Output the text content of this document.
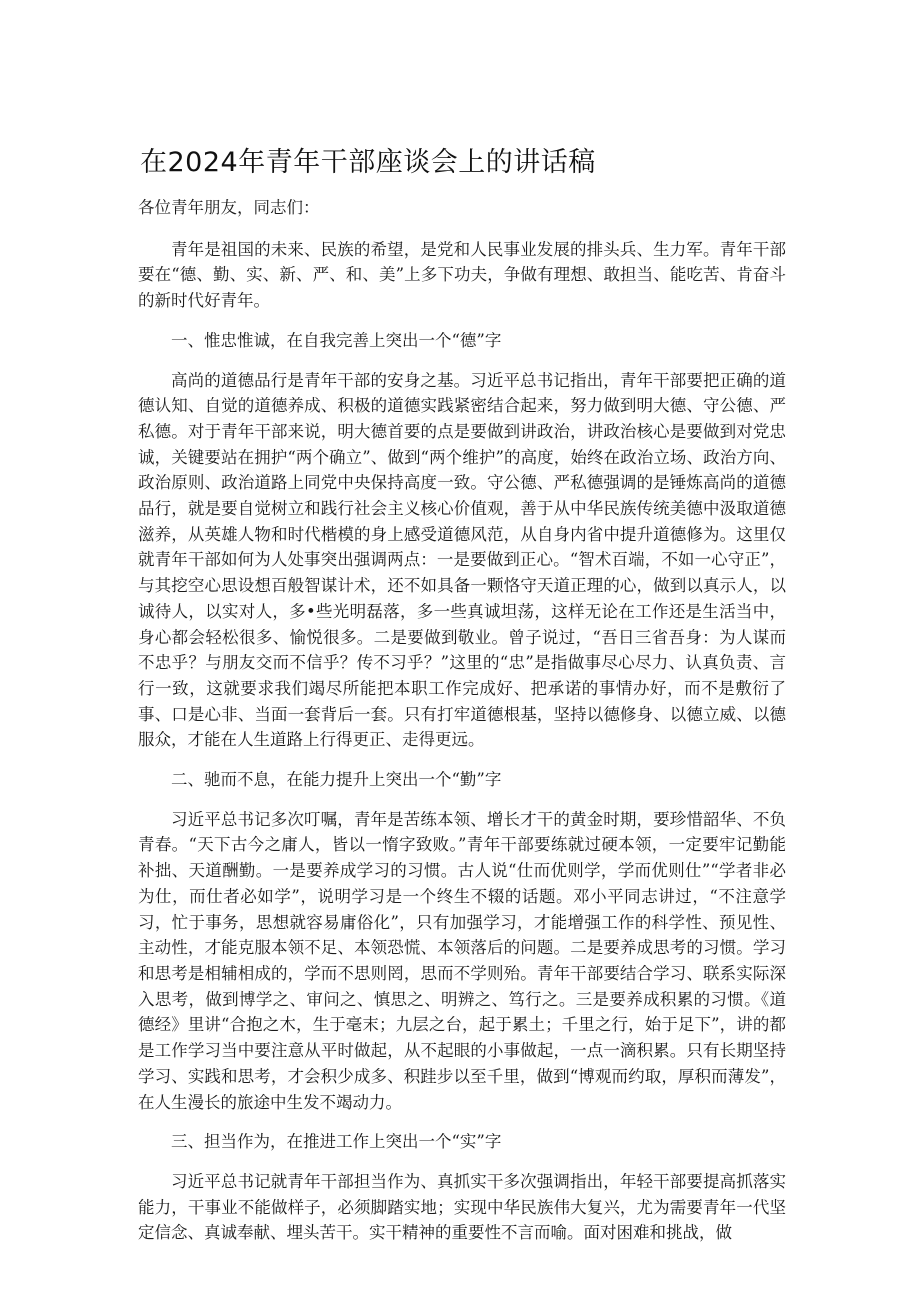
在2024年青年干部座谈会上的讲话稿

各位青年朋友，同志们：

青年是祖国的未来、民族的希望，是党和人民事业发展的排头兵、生力军。青年干部要在“德、勤、实、新、严、和、美”上多下功夫，争做有理想、敢担当、能吃苦、肯奋斗的新时代好青年。

一、惟忠惟诚，在自我完善上突出一个“德”字

高尚的道德品行是青年干部的安身之基。习近平总书记指出，青年干部要把正确的道德认知、自觉的道德养成、积极的道德实践紧密结合起来，努力做到明大德、守公德、严私德。对于青年干部来说，明大德首要的点是要做到讲政治，讲政治核心是要做到对党忠诚，关键要站在拥护“两个确立”、做到“两个维护”的高度，始终在政治立场、政治方向、政治原则、政治道路上同党中央保持高度一致。守公德、严私德强调的是锤炼高尚的道德品行，就是要自觉树立和践行社会主义核心价值观，善于从中华民族传统美德中汲取道德滋养，从英雄人物和时代楷模的身上感受道德风范，从自身内省中提升道德修为。这里仅就青年干部如何为人处事突出强调两点：一是要做到正心。“智术百端，不如一心守正”，与其挖空心思设想百般智谋计术，还不如具备一颗恪守天道正理的心，做到以真示人，以诚待人，以实对人，多•些光明磊落，多一些真诚坦荡，这样无论在工作还是生活当中，身心都会轻松很多、愉悦很多。二是要做到敬业。曾子说过，“吾日三省吾身：为人谋而不忠乎？与朋友交而不信乎？传不习乎？”这里的“忠”是指做事尽心尽力、认真负责、言行一致，这就要求我们竭尽所能把本职工作完成好、把承诺的事情办好，而不是敷衍了事、口是心非、当面一套背后一套。只有打牢道德根基，坚持以德修身、以德立威、以德服众，才能在人生道路上行得更正、走得更远。

二、驰而不息，在能力提升上突出一个“勤”字

习近平总书记多次叮嘱，青年是苦练本领、增长才干的黄金时期，要珍惜韶华、不负青春。“天下古今之庸人，皆以一惰字致败。”青年干部要练就过硬本领，一定要牢记勤能补拙、天道酬勤。一是要养成学习的习惯。古人说“仕而优则学，学而优则仕”“学者非必为仕，而仕者必如学”，说明学习是一个终生不辍的话题。邓小平同志讲过，“不注意学习，忙于事务，思想就容易庸俗化”，只有加强学习，才能增强工作的科学性、预见性、主动性，才能克服本领不足、本领恐慌、本领落后的问题。二是要养成思考的习惯。学习和思考是相辅相成的，学而不思则罔，思而不学则殆。青年干部要结合学习、联系实际深入思考，做到博学之、审问之、慎思之、明辨之、笃行之。三是要养成积累的习惯。《道德经》里讲“合抱之木，生于毫末；九层之台，起于累土；千里之行，始于足下”，讲的都是工作学习当中要注意从平时做起，从不起眼的小事做起，一点一滴积累。只有长期坚持学习、实践和思考，才会积少成多、积跬步以至千里，做到“博观而约取，厚积而薄发”，在人生漫长的旅途中生发不竭动力。

三、担当作为，在推进工作上突出一个“实”字

习近平总书记就青年干部担当作为、真抓实干多次强调指出，年轻干部要提高抓落实能力，干事业不能做样子，必须脚踏实地；实现中华民族伟大复兴，尤为需要青年一代坚定信念、真诚奉献、埋头苦干。实干精神的重要性不言而喻。面对困难和挑战，做
